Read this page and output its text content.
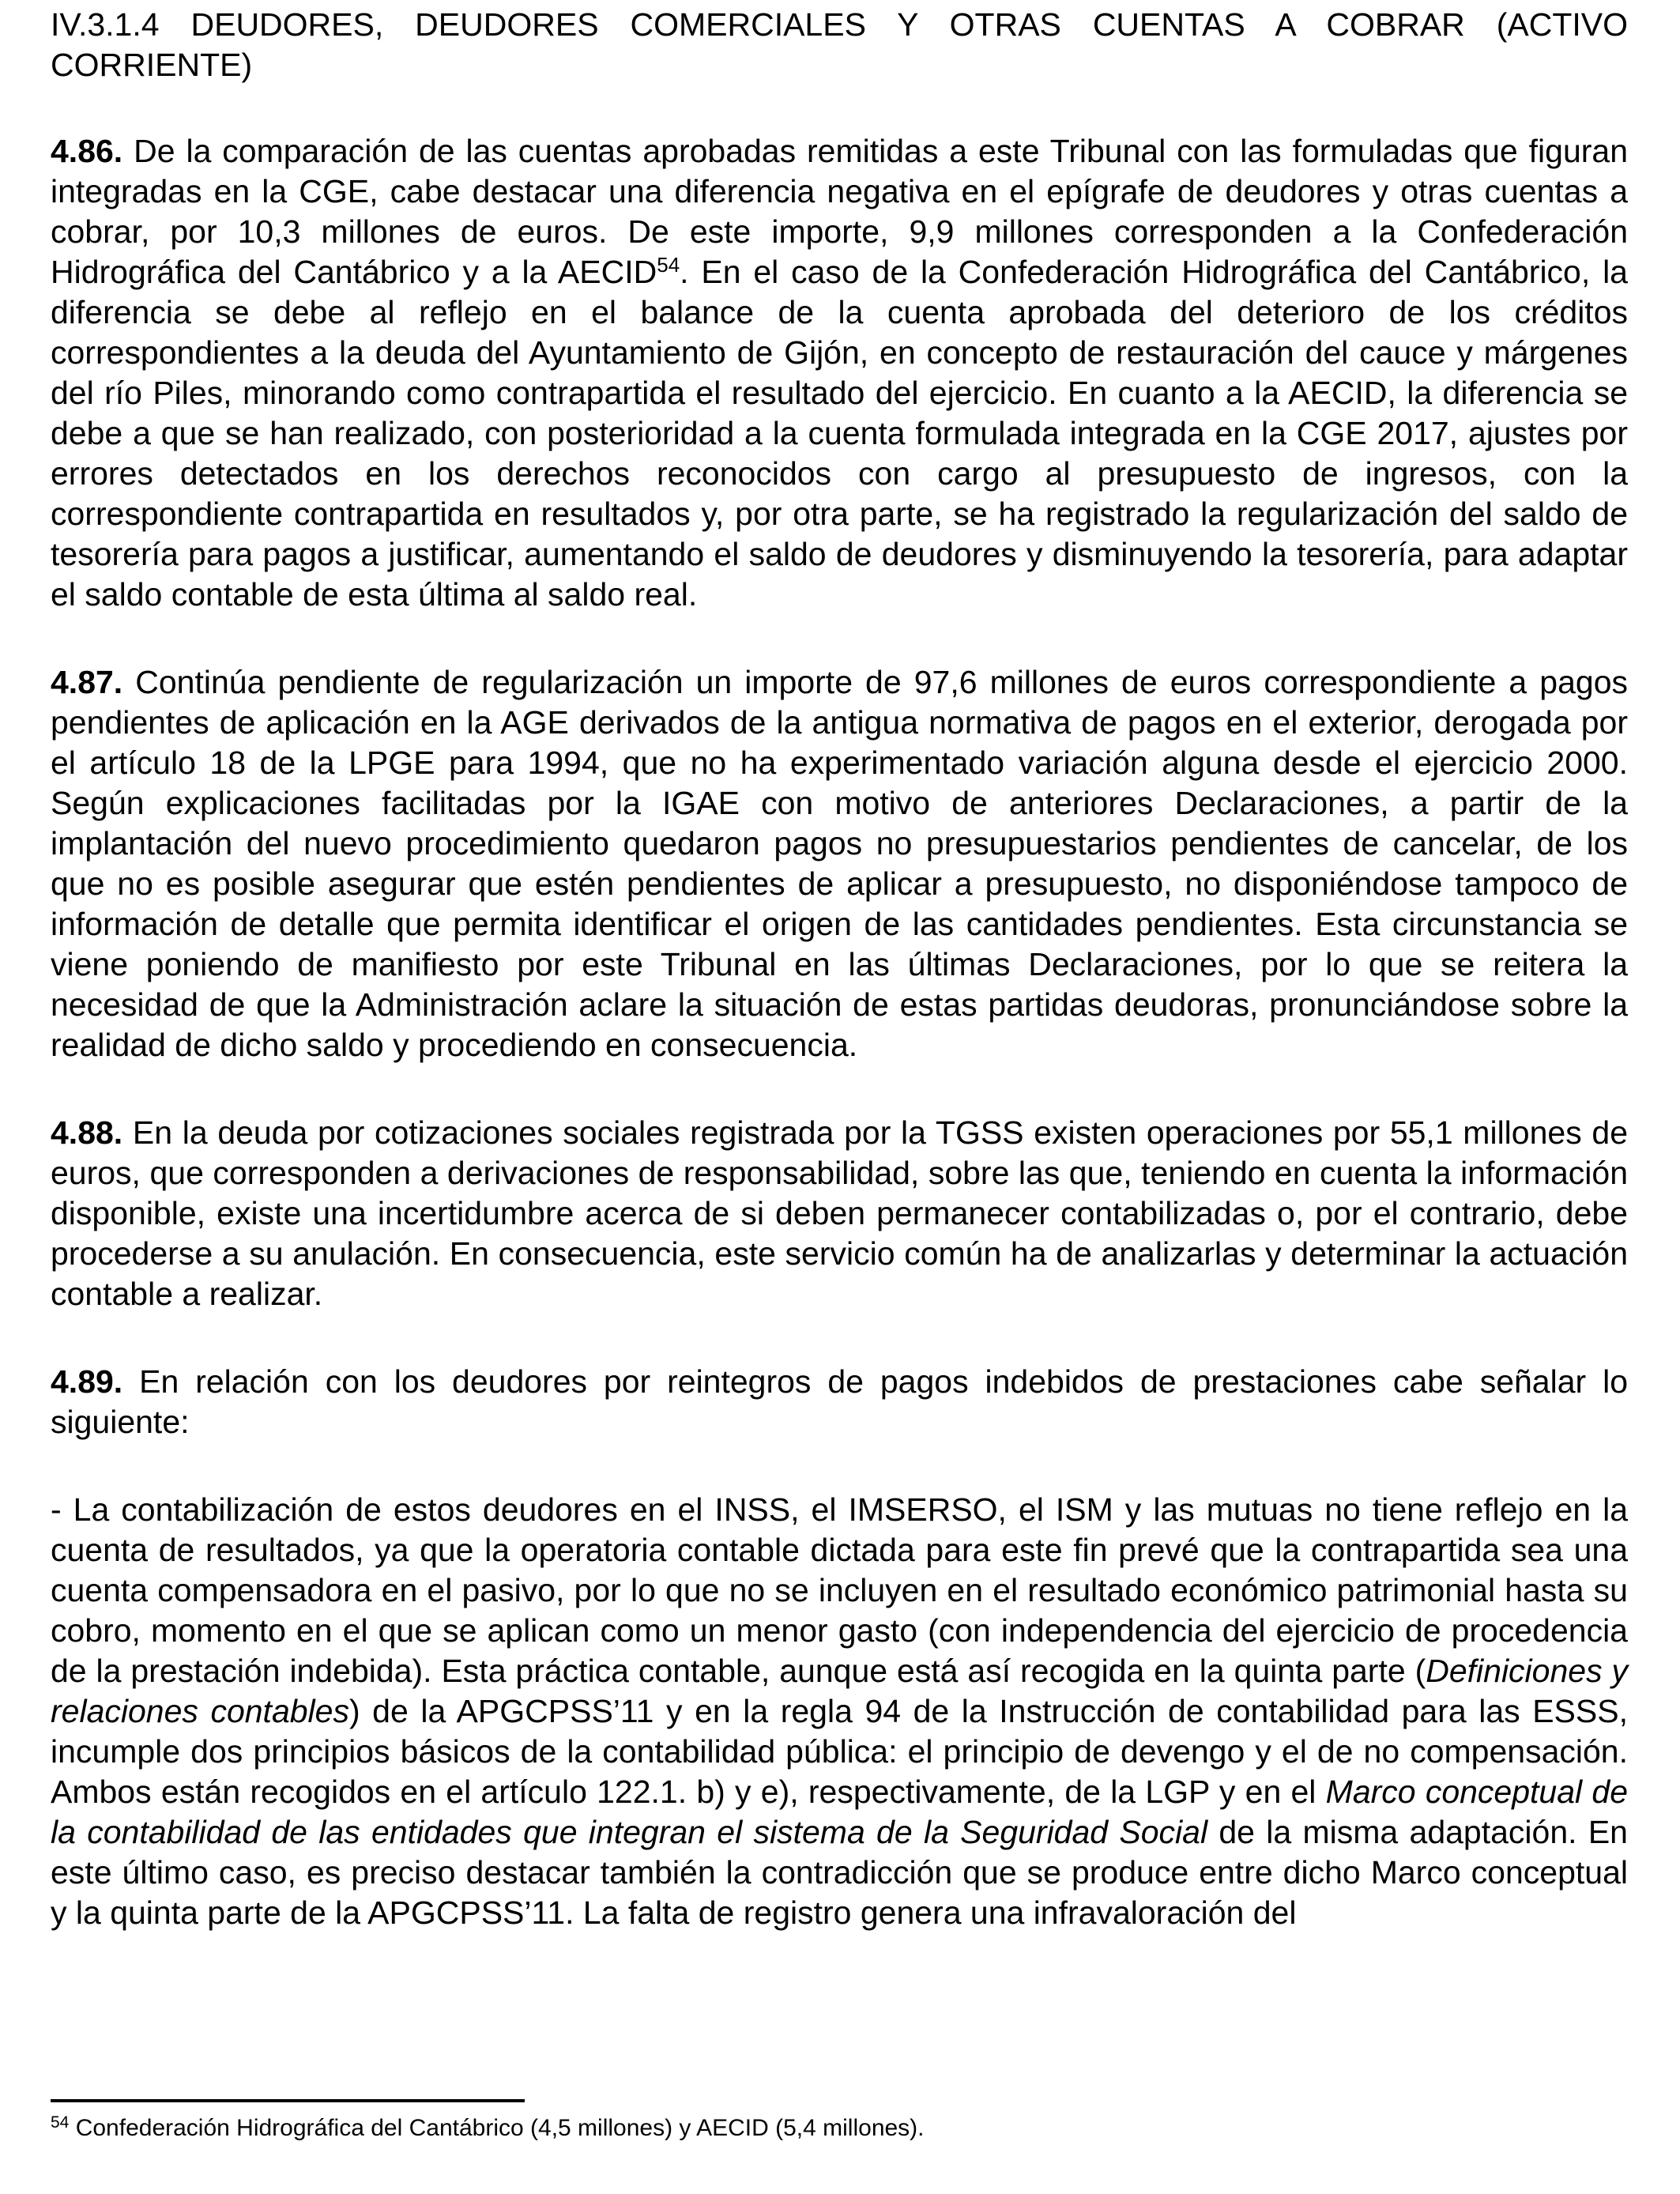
IV.3.1.4 DEUDORES, DEUDORES COMERCIALES Y OTRAS CUENTAS A COBRAR (ACTIVO CORRIENTE)

4.86. De la comparación de las cuentas aprobadas remitidas a este Tribunal con las formuladas que figuran integradas en la CGE, cabe destacar una diferencia negativa en el epígrafe de deudores y otras cuentas a cobrar, por 10,3 millones de euros. De este importe, 9,9 millones corresponden a la Confederación Hidrográfica del Cantábrico y a la AECID$^{54}$. En el caso de la Confederación Hidrográfica del Cantábrico, la diferencia se debe al reflejo en el balance de la cuenta aprobada del deterioro de los créditos correspondientes a la deuda del Ayuntamiento de Gijón, en concepto de restauración del cauce y márgenes del río Piles, minorando como contrapartida el resultado del ejercicio. En cuanto a la AECID, la diferencia se debe a que se han realizado, con posterioridad a la cuenta formulada integrada en la CGE 2017, ajustes por errores detectados en los derechos reconocidos con cargo al presupuesto de ingresos, con la correspondiente contrapartida en resultados y, por otra parte, se ha registrado la regularización del saldo de tesorería para pagos a justificar, aumentando el saldo de deudores y disminuyendo la tesorería, para adaptar el saldo contable de esta última al saldo real.

4.87. Continúa pendiente de regularización un importe de 97,6 millones de euros correspondiente a pagos pendientes de aplicación en la AGE derivados de la antigua normativa de pagos en el exterior, derogada por el artículo 18 de la LPGE para 1994, que no ha experimentado variación alguna desde el ejercicio 2000. Según explicaciones facilitadas por la IGAE con motivo de anteriores Declaraciones, a partir de la implantación del nuevo procedimiento quedaron pagos no presupuestarios pendientes de cancelar, de los que no es posible asegurar que estén pendientes de aplicar a presupuesto, no disponiéndose tampoco de información de detalle que permita identificar el origen de las cantidades pendientes. Esta circunstancia se viene poniendo de manifiesto por este Tribunal en las últimas Declaraciones, por lo que se reitera la necesidad de que la Administración aclare la situación de estas partidas deudoras, pronunciándose sobre la realidad de dicho saldo y procediendo en consecuencia.

4.88. En la deuda por cotizaciones sociales registrada por la TGSS existen operaciones por 55,1 millones de euros, que corresponden a derivaciones de responsabilidad, sobre las que, teniendo en cuenta la información disponible, existe una incertidumbre acerca de si deben permanecer contabilizadas o, por el contrario, debe procederse a su anulación. En consecuencia, este servicio común ha de analizarlas y determinar la actuación contable a realizar.

4.89. En relación con los deudores por reintegros de pagos indebidos de prestaciones cabe señalar lo siguiente:

- La contabilización de estos deudores en el INSS, el IMSERSO, el ISM y las mutuas no tiene reflejo en la cuenta de resultados, ya que la operatoria contable dictada para este fin prevé que la contrapartida sea una cuenta compensadora en el pasivo, por lo que no se incluyen en el resultado económico patrimonial hasta su cobro, momento en el que se aplican como un menor gasto (con independencia del ejercicio de procedencia de la prestación indebida). Esta práctica contable, aunque está así recogida en la quinta parte (Definiciones y relaciones contables) de la APGCPSS’11 y en la regla 94 de la Instrucción de contabilidad para las ESSS, incumple dos principios básicos de la contabilidad pública: el principio de devengo y el de no compensación. Ambos están recogidos en el artículo 122.1. b) y e), respectivamente, de la LGP y en el Marco conceptual de la contabilidad de las entidades que integran el sistema de la Seguridad Social de la misma adaptación. En este último caso, es preciso destacar también la contradicción que se produce entre dicho Marco conceptual y la quinta parte de la APGCPSS’11. La falta de registro genera una infravaloración del

$^{54}$ Confederación Hidrográfica del Cantábrico (4,5 millones) y AECID (5,4 millones).
